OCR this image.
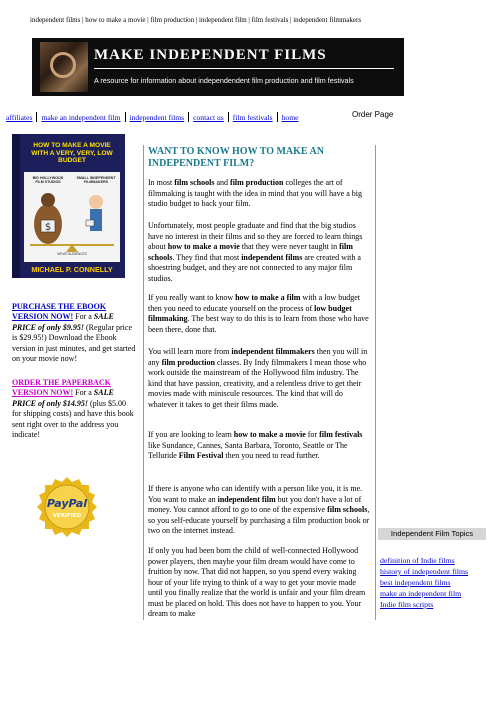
independent films | how to make a movie | film production | independent film | film festivals | independent filmmakers
MAKE INDEPENDENT FILMS
A resource for information about independendent film production and film festivals
affiliates make an independent film independent films contact us film festivals home	Order Page
HOW TO MAKE A MOVIE WITH A VERY, VERY, LOW BUDGET
BIG HOLLYWOOD FILM STUDIOS
SMALL INDEPENDENT FILMMAKERS
$
MOVIE AUDIENCES
MICHAEL P. CONNELLY
PURCHASE THE EBOOK VERSION NOW! For a SALE PRICE of only $9.95! (Regular price is $29.95!) Download the Ebook version in just minutes, and get started on your movie now!
ORDER THE PAPERBACK VERSION NOW! For a SALE PRICE of only $14.95! (plus $5.00 for shipping costs) and have this book sent right over to the address you indicate!
PayPal
VERIFIED
WANT TO KNOW HOW TO MAKE AN INDEPENDENT FILM?

In most film schools and film production colleges the art of filmmaking is taught with the idea in mind that you will have a big studio budget to back your film.

Unfortunately, most people graduate and find that the big studios have no interest in their films and so they are forced to learn things about how to make a movie that they were never taught in film schools. They find that most independent films are created with a shoestring budget, and they are not connected to any major film studios.

If you really want to know how to make a film with a low budget then you need to educate yourself on the process of low budget filmmaking. The best way to do this is to learn from those who have been there, done that.

You will learn more from independent filmmakers then you will in any film production classes. By Indy filmmakers I mean those who work outside the mainstream of the Hollywood film industry. The kind that have passion, creativity, and a relentless drive to get their movies made with miniscule resources. The kind that will do whatever it takes to get their films made.

If you are looking to learn how to make a movie for film festivals like Sundance, Cannes, Santa Barbara, Toronto, Seattle or The Telluride Film Festival then you need to read further.

If there is anyone who can identify with a person like you, it is me. You want to make an independent film but you don't have a lot of money. You cannot afford to go to one of the expensive film schools, so you self-educate yourself by purchasing a film production book or two on the internet instead.

If only you had been born the child of well-connected Hollywood power players, then maybe your film dream would have come to fruition by now. That did not happen, so you spend every waking hour of your life trying to think of a way to get your movie made until you finally realize that the world is unfair and your film dream must be placed on hold. This does not have to happen to you. Your dream to make

Independent Film Topics
definition of Indie films
history of independent films
best independent films
make an independent film
Indie film scripts
